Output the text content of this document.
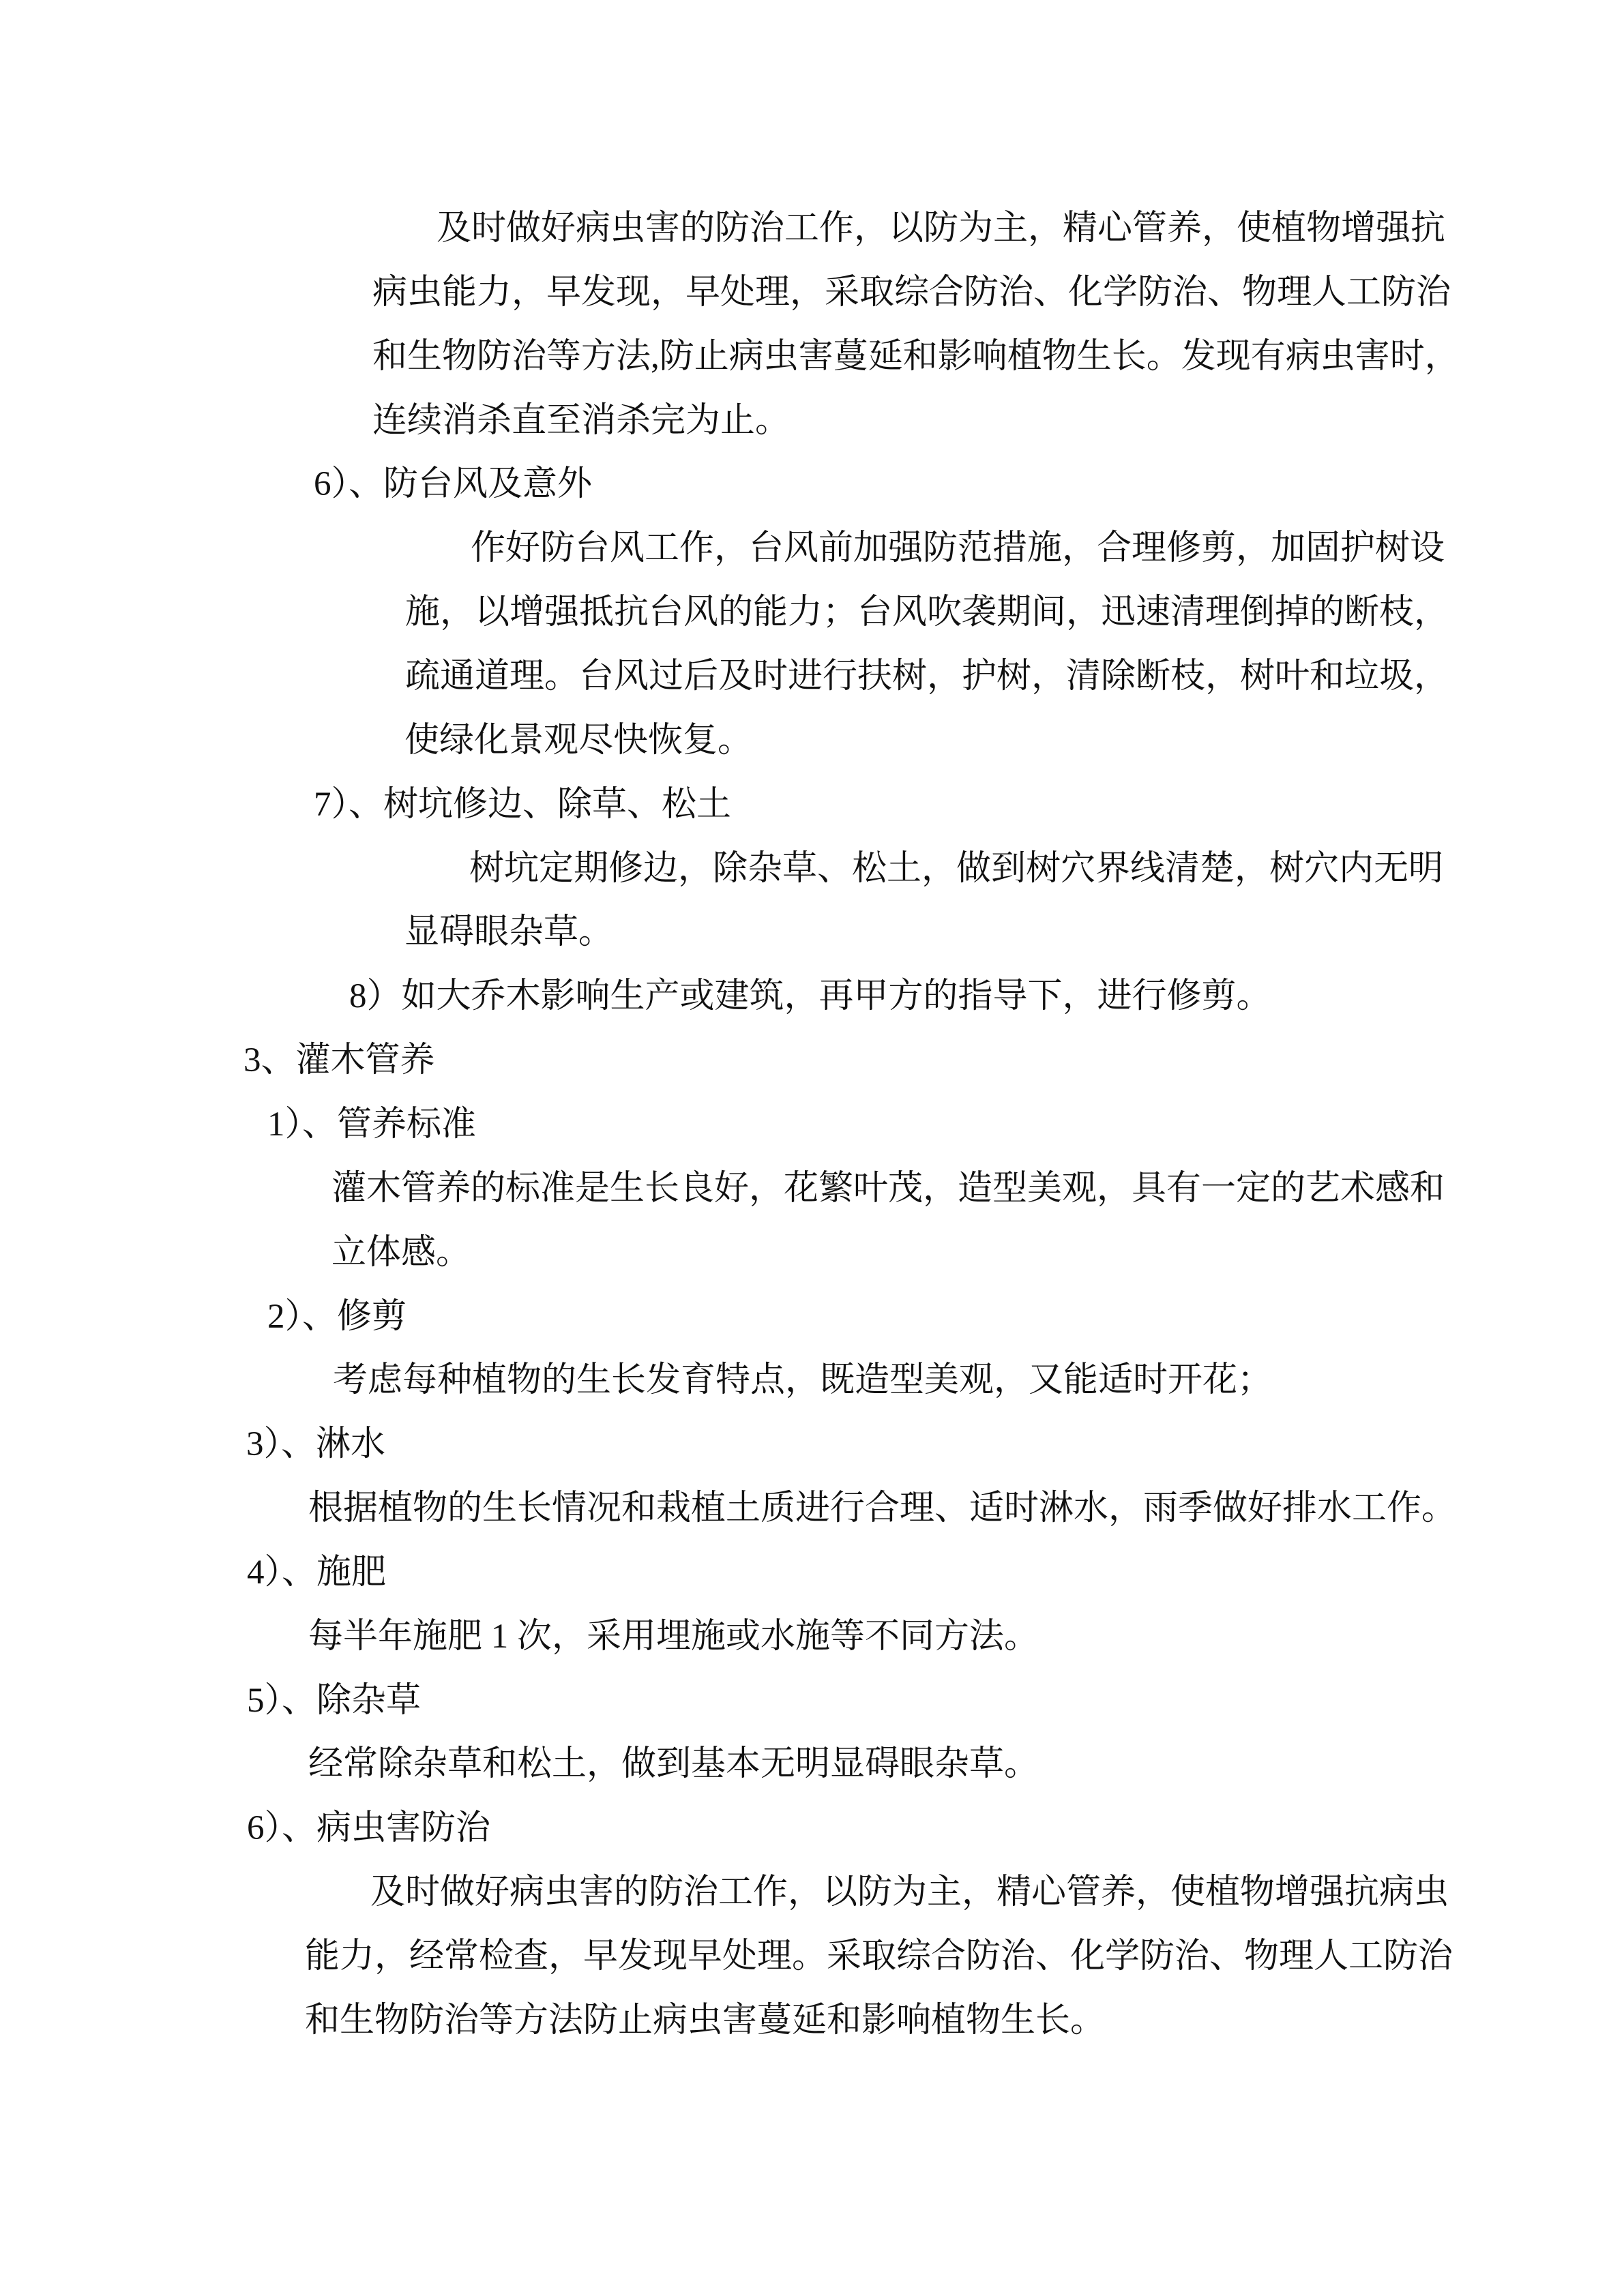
及时做好病虫害的防治工作，以防为主，精心管养，使植物增强抗
病虫能力，早发现，早处理，采取综合防治、化学防治、物理人工防治
和生物防治等方法,防止病虫害蔓延和影响植物生长。发现有病虫害时，
连续消杀直至消杀完为止。
6）、防台风及意外
作好防台风工作，台风前加强防范措施，合理修剪，加固护树设
施，以增强抵抗台风的能力；台风吹袭期间，迅速清理倒掉的断枝，
疏通道理。台风过后及时进行扶树，护树，清除断枝，树叶和垃圾，
使绿化景观尽快恢复。
7）、树坑修边、除草、松土
树坑定期修边，除杂草、松土，做到树穴界线清楚，树穴内无明
显碍眼杂草。
8）如大乔木影响生产或建筑，再甲方的指导下，进行修剪。
3、灌木管养
1）、管养标准
灌木管养的标准是生长良好，花繁叶茂，造型美观，具有一定的艺术感和
立体感。
2）、修剪
考虑每种植物的生长发育特点，既造型美观，又能适时开花；
3）、淋水
根据植物的生长情况和栽植土质进行合理、适时淋水，雨季做好排水工作。
4）、施肥
每半年施肥 1 次，采用埋施或水施等不同方法。
5）、除杂草
经常除杂草和松土，做到基本无明显碍眼杂草。
6）、病虫害防治
及时做好病虫害的防治工作，以防为主，精心管养，使植物增强抗病虫
能力，经常检查，早发现早处理。采取综合防治、化学防治、物理人工防治
和生物防治等方法防止病虫害蔓延和影响植物生长。
